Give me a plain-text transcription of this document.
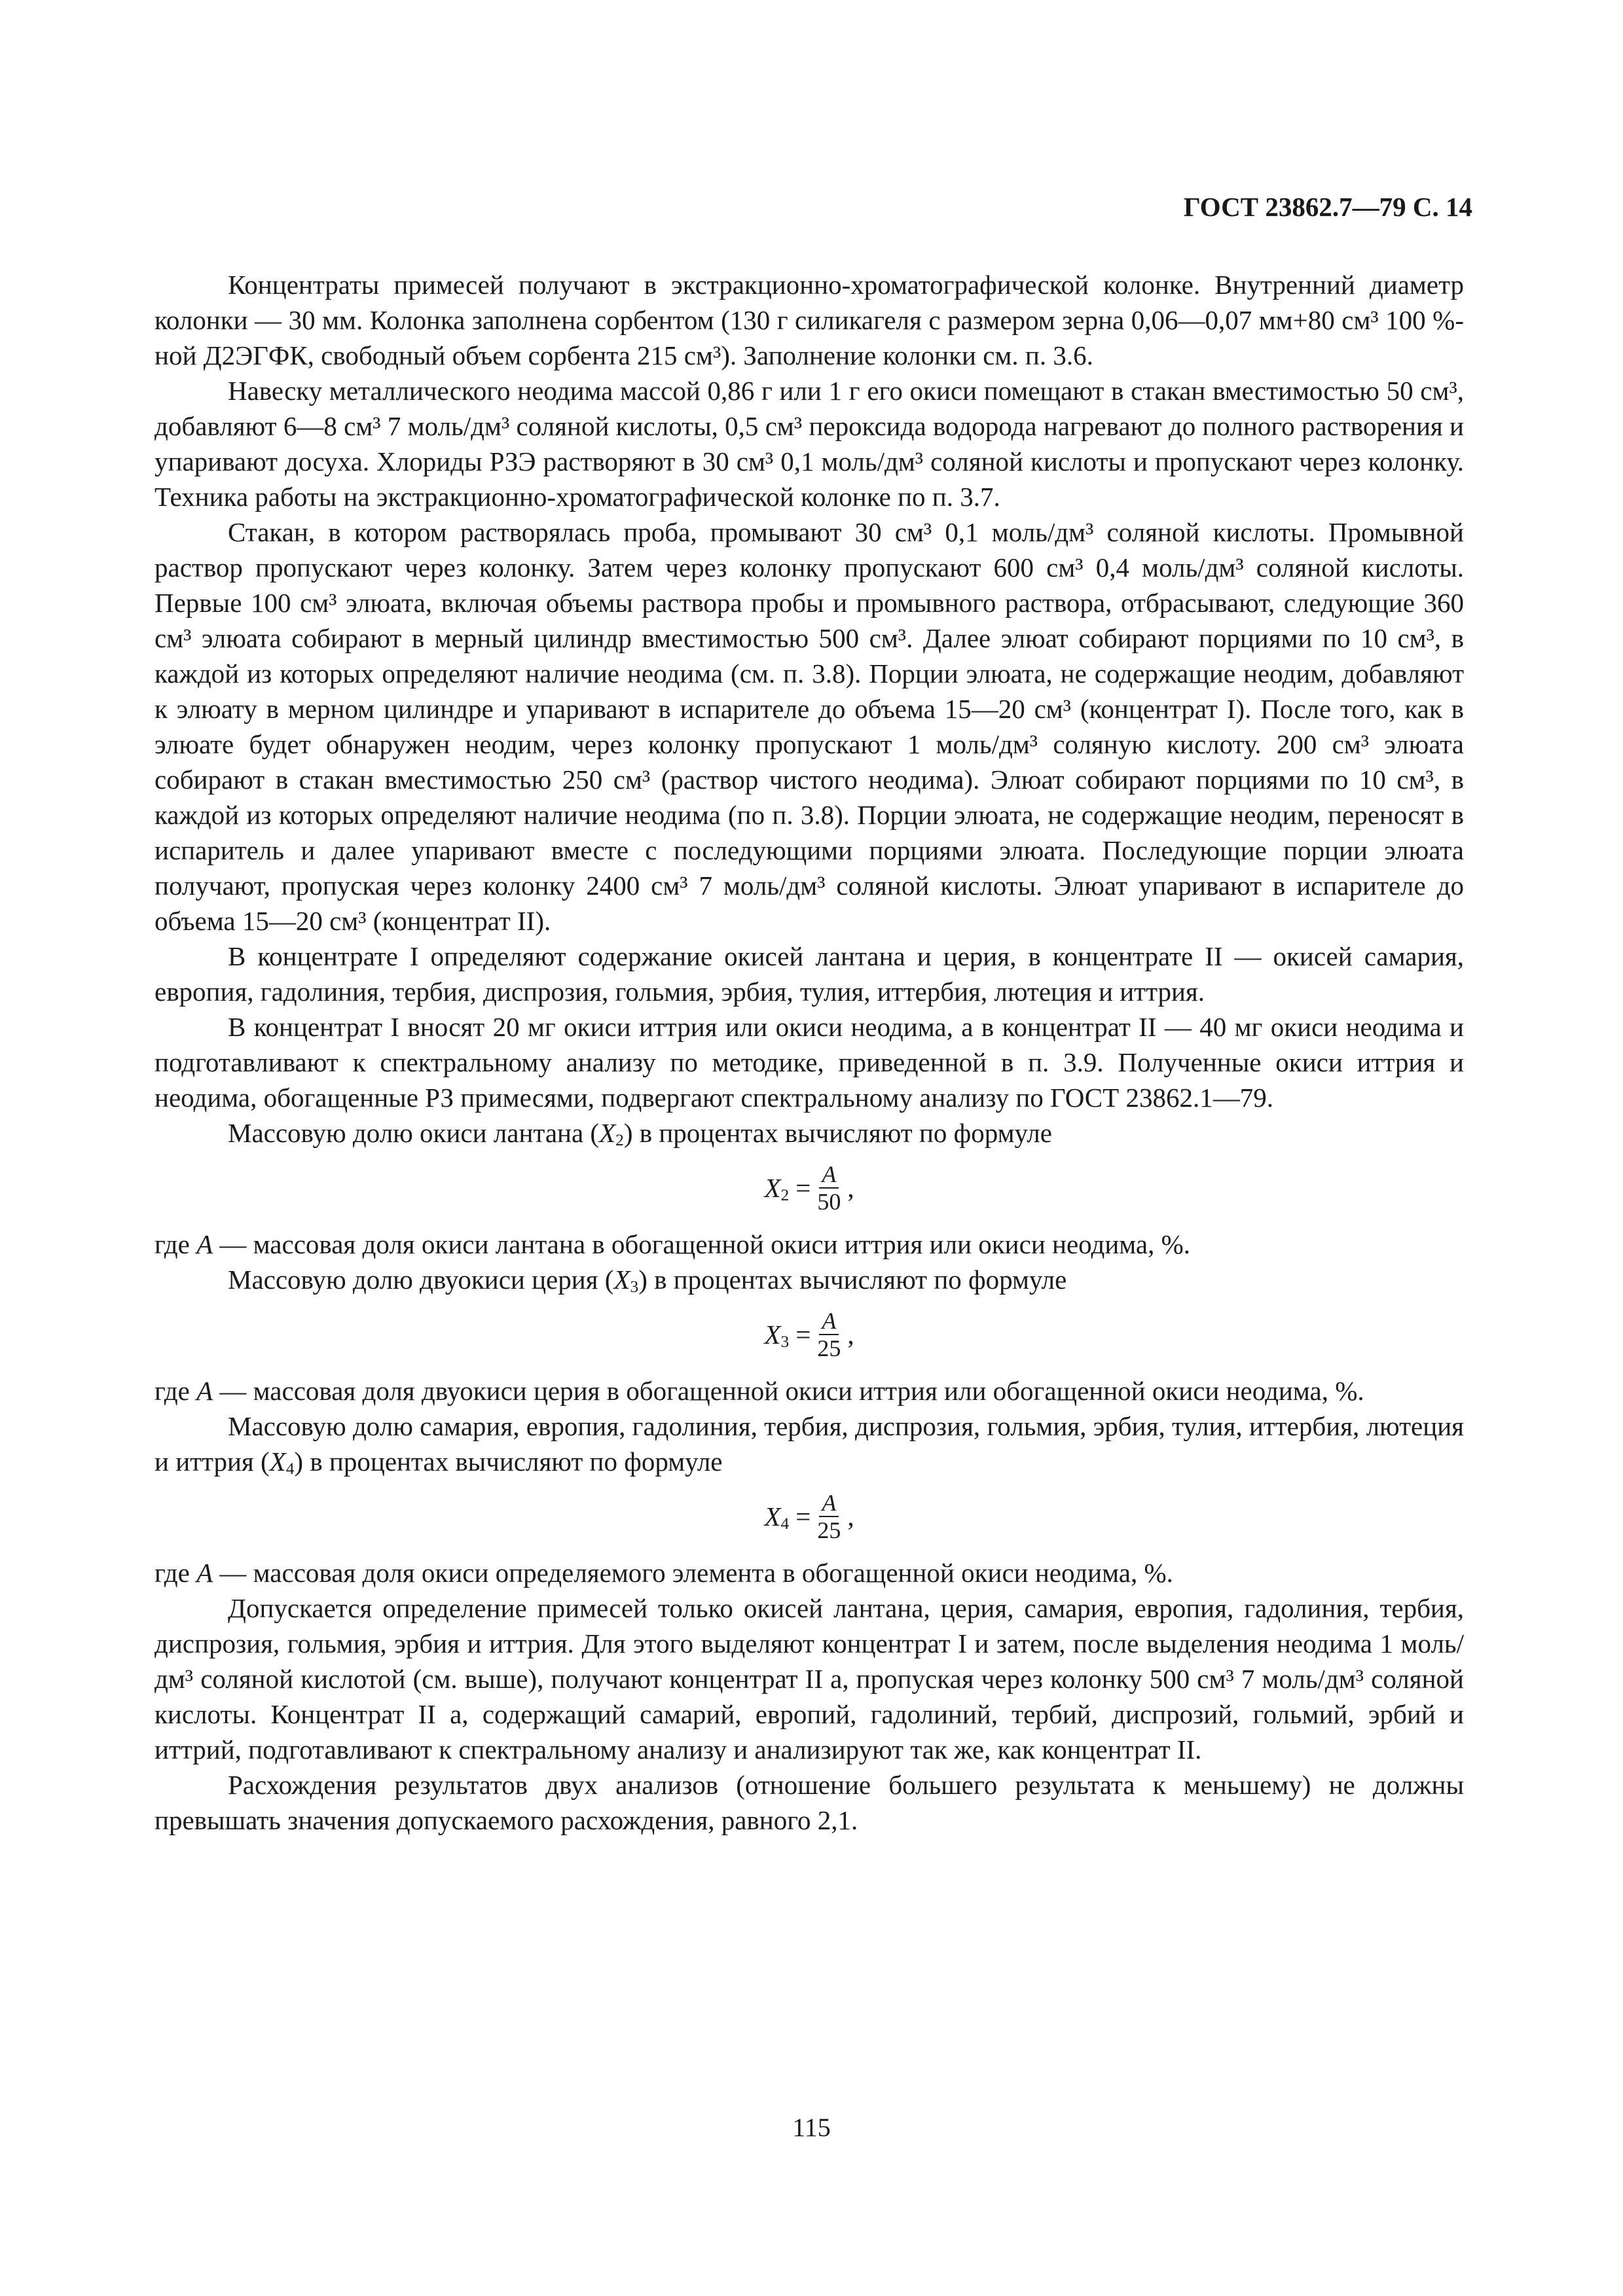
ГОСТ 23862.7—79 С. 14

Концентраты примесей получают в экстракционно-хроматографической колонке. Внутренний диаметр колонки — 30 мм. Колонка заполнена сорбентом (130 г силикагеля с размером зерна 0,06—0,07 мм+80 см³ 100 %-ной Д2ЭГФК, свободный объем сорбента 215 см³). Заполнение колонки см. п. 3.6.

Навеску металлического неодима массой 0,86 г или 1 г его окиси помещают в стакан вместимостью 50 см³, добавляют 6—8 см³ 7 моль/дм³ соляной кислоты, 0,5 см³ пероксида водорода нагревают до полного растворения и упаривают досуха. Хлориды РЗЭ растворяют в 30 см³ 0,1 моль/дм³ соляной кислоты и пропускают через колонку. Техника работы на экстракционно-хроматографической колонке по п. 3.7.

Стакан, в котором растворялась проба, промывают 30 см³ 0,1 моль/дм³ соляной кислоты. Промывной раствор пропускают через колонку. Затем через колонку пропускают 600 см³ 0,4 моль/дм³ соляной кислоты. Первые 100 см³ элюата, включая объемы раствора пробы и промывного раствора, отбрасывают, следующие 360 см³ элюата собирают в мерный цилиндр вместимостью 500 см³. Далее элюат собирают порциями по 10 см³, в каждой из которых определяют наличие неодима (см. п. 3.8). Порции элюата, не содержащие неодим, добавляют к элюату в мерном цилиндре и упаривают в испарителе до объема 15—20 см³ (концентрат I). После того, как в элюате будет обнаружен неодим, через колонку пропускают 1 моль/дм³ соляную кислоту. 200 см³ элюата собирают в стакан вместимостью 250 см³ (раствор чистого неодима). Элюат собирают порциями по 10 см³, в каждой из которых определяют наличие неодима (по п. 3.8). Порции элюата, не содержащие неодим, переносят в испаритель и далее упаривают вместе с последующими порциями элюата. Последующие порции элюата получают, пропуская через колонку 2400 см³ 7 моль/дм³ соляной кислоты. Элюат упаривают в испарителе до объема 15—20 см³ (концентрат II).

В концентрате I определяют содержание окисей лантана и церия, в концентрате II — окисей самария, европия, гадолиния, тербия, диспрозия, гольмия, эрбия, тулия, иттербия, лютеция и иттрия.

В концентрат I вносят 20 мг окиси иттрия или окиси неодима, а в концентрат II — 40 мг окиси неодима и подготавливают к спектральному анализу по методике, приведенной в п. 3.9. Полученные окиси иттрия и неодима, обогащенные РЗ примесями, подвергают спектральному анализу по ГОСТ 23862.1—79.

Массовую долю окиси лантана $(X_2)$ в процентах вычисляют по формуле

$X_2 = \frac{A}{50}$ ,

где A — массовая доля окиси лантана в обогащенной окиси иттрия или окиси неодима, %.

Массовую долю двуокиси церия $(X_3)$ в процентах вычисляют по формуле

$X_3 = \frac{A}{25}$ ,

где A — массовая доля двуокиси церия в обогащенной окиси иттрия или обогащенной окиси неодима, %.

Массовую долю самария, европия, гадолиния, тербия, диспрозия, гольмия, эрбия, тулия, иттербия, лютеция и иттрия $(X_4)$ в процентах вычисляют по формуле

$X_4 = \frac{A}{25}$ ,

где A — массовая доля окиси определяемого элемента в обогащенной окиси неодима, %.

Допускается определение примесей только окисей лантана, церия, самария, европия, гадолиния, тербия, диспрозия, гольмия, эрбия и иттрия. Для этого выделяют концентрат I и затем, после выделения неодима 1 моль/дм³ соляной кислотой (см. выше), получают концентрат II а, пропуская через колонку 500 см³ 7 моль/дм³ соляной кислоты. Концентрат II а, содержащий самарий, европий, гадолиний, тербий, диспрозий, гольмий, эрбий и иттрий, подготавливают к спектральному анализу и анализируют так же, как концентрат II.

Расхождения результатов двух анализов (отношение большего результата к меньшему) не должны превышать значения допускаемого расхождения, равного 2,1.

115
